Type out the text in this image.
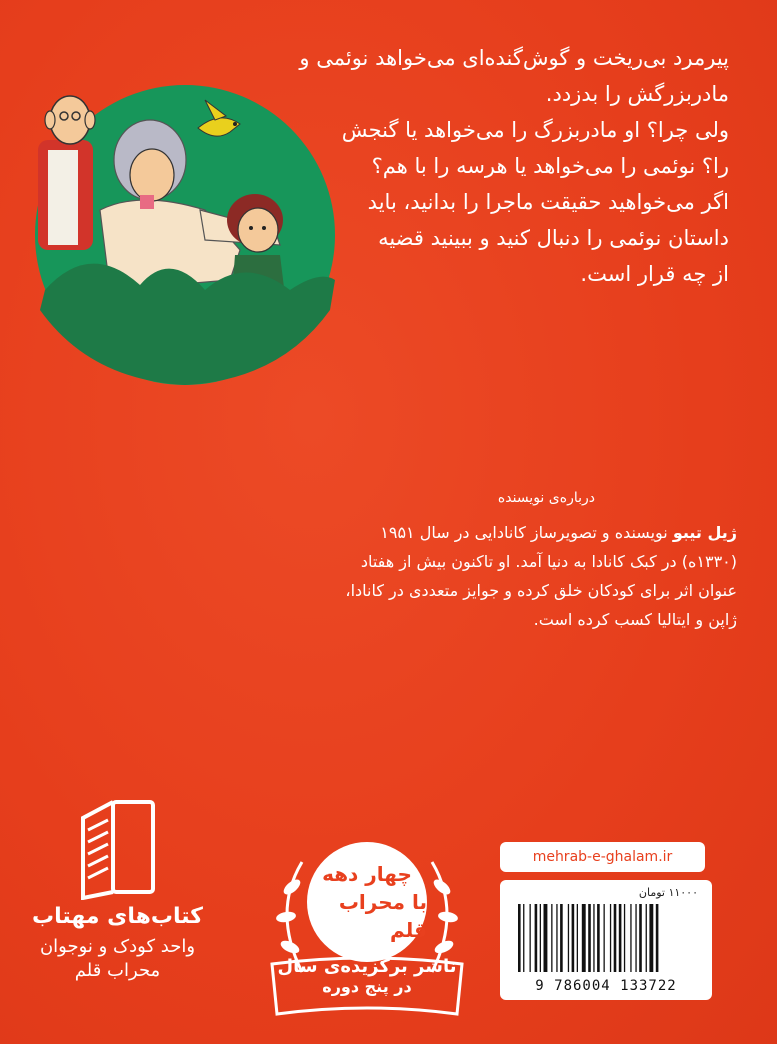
پیرمرد بی‌ریخت و گوش‌گنده‌ای می‌خواهد نوئمی و

مادربزرگش را بدزدد.

ولی چرا؟ او مادربزرگ را می‌خواهد یا گنجش

را؟ نوئمی را می‌خواهد یا هرسه را با هم؟

اگر می‌خواهید حقیقت ماجرا را بدانید، باید

داستان نوئمی را دنبال کنید و ببینید قضیه

از چه قرار است.

درباره‌ی نویسنده
ژیل تیبو نویسنده و تصویرساز کانادایی در سال ۱۹۵۱
(۱۳۳۰ه) در کبک کانادا به دنیا آمد. او تاکنون بیش از هفتاد
عنوان اثر برای کودکان خلق کرده و جوایز متعددی در کانادا،
ژاپن و ایتالیا کسب کرده است.
کتاب‌های مهتاب
واحد کودک و نوجوان
محراب قلم
چهار دهه
با محراب قلم
ناشر برگزیده‌ی سال
در پنج دوره
mehrab-e-ghalam.ir
۱۱۰۰۰ تومان
9 786004 133722
